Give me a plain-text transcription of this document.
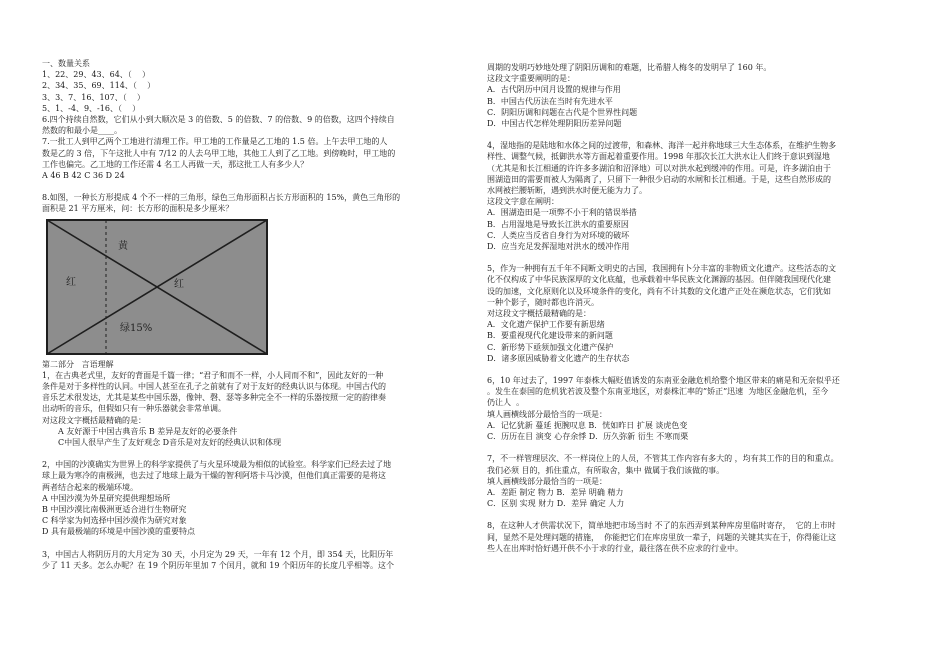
一、数量关系
1、22、29、43、64、（    ）
2、34、35、69、114、（    ）
3、3、7、16、107、（    ）
5、1、-4、9、-16、（    ）
6.四个持续自然数，它们从小到大顺次是 3 的倍数、5 的倍数、7 的倍数、9 的倍数，这四个持续自
然数的和最小是____。
7.一批工人到甲乙两个工地进行清理工作。甲工地的工作量是乙工地的 1.5 倍。上午去甲工地的人
数是乙的 3 倍，下午这批人中有 7/12 的人去乌甲工地，其他工人到了乙工地。到傍晚时，甲工地的
工作也偏完。乙工地的工作还需 4 名工人再做一天，那这批工人有多少人？
A 46 B 42 C 36 D 24
8.如图，一种长方形提成 4 个不一样的三角形，绿色三角形面积占长方形面积的 15%，黄色三角形的
面积是 21 平方厘米，问：长方形的面积是多少厘米？
黄
红	红
绿15%
第二部分   言语理解
1，在古典老式里，友好的背面是千篇一律；“君子和而不一样，小人同而不和”，因此友好的一种
条件是对于多样性的认同。中国人甚至在孔子之前就有了对于友好的经典认识与体现。中国古代的
音乐艺术很发达，尤其是某些中国乐器，像钟、磬、瑟等多种完全不一样的乐器按照一定的韵律奏
出动听的音乐，但假如只有一种乐器就会非常单调。
对这段文字概括最精确的是：
A 友好源于中国古典音乐 B 差异是友好的必要条件
C中国人很早产生了友好观念 D音乐是对友好的经典认识和体现
2，中国的沙漠确实为世界上的科学家提供了与火星环境最为相似的试验室。科学家们已经去过了地
球上最为寒冷的南极洲，也去过了地球上最为干燥的智利阿塔卡马沙漠，但他们真正需要的是将这
两者结合起来的极端环境。
A 中国沙漠为外星研究提供理想场所
B 中国沙漠比南极洲更适合进行生物研究
C 科学家为何选择中国沙漠作为研究对象
D 具有最极端的环境是中国沙漠的重要特点
3，中国古人将阴历月的大月定为 30 天，小月定为 29 天，一年有 12 个月，即 354 天，比阳历年
少了 11 天多。怎么办呢？在 19 个阴历年里加 7 个闰月，就和 19 个阳历年的长度几乎相等。这个
周期的发明巧妙地处理了阴阳历调和的难题，比希腊人梅冬的发明早了 160 年。
这段文字重要阐明的是：
A．古代阴历中闰月设置的规律与作用
B．中国古代历法在当时有先进水平
C．阴阳历调和问题在古代是个世界性问题
D．中国古代怎样处理阴阳历差异问题
4，湿地指的是陆地和水体之间的过渡带，和森林、海洋一起并称地球三大生态体系，在维护生物多
样性、调整气候，抵御洪水等方面起着重要作用。1998 年那次长江大洪水让人们终于意识到湿地
（尤其是和长江相通的许许多多湖泊和沼泽地）可以对洪水起到缓冲的作用。可是，许多湖泊由于
围湖造田的需要而被人为隔离了，只留下一种很少启动的水闸和长江相通。于是，这些自然形成的
水网被拦腰斩断，遇到洪水时便无能为力了。
这段文字意在阐明：
A．围湖造田是一项弊不小于利的错误举措
B．占用湿地是导致长江洪水的重要原因
C．人类应当反省自身行为对环境的破坏
D．应当充足发挥湿地对洪水的缓冲作用
5，作为一种拥有五千年不间断文明史的古国，我国拥有卜分丰富的非物质文化遗产。这些活态的文
化不仅构成了中华民族深厚的文化底蕴，也承载着中华民族文化渊源的基因。但伴随我国现代化建
设的加速，文化原则化以及环境条件的变化，尚有不计其数的文化遗产正处在濒危状态，它们犹如
一种个影子，随时都也许消灭。
对这段文字概括最精确的是：
A．文化遗产保护工作要有新思绪
B．要重视现代化建设带来的新问题
C．新形势下亟须加强文化遗产保护
D．诸多原因威胁着文化遗产的生存状态
6，10 年过去了，1997 年泰株大幅贬值诱发的东南亚金融危机给整个地区带来的痛是和无奈似乎还
。发生在泰国的危机犹若波及整个东南亚地区，对泰株汇率的”矫正”迅速  为地区金融危机，至今
仍让人  。
填人画横线部分最恰当的一项是：
A．记忆犹新 蔓延 扼腕叹息 B．恍如昨日 扩展 谈虎色变
C．历历在目 演变 心存余悸 D．历久弥新 衍生 不寒而栗
7，不一样管理层次、不一样岗位上的人员，不管其工作内容有多大的 ，均有其工作的目的和重点。
我们必须 目的，抓住重点，有所取舍，集中 做属于我们该做的事。
填人画横线部分最恰当的一项是：
A．差距 制定 物力 B．差异 明确 精力
C．区别 实现 财力 D．差异 确定 人力
8，在这种人才供需状况下，简单地把市场当时 不了的东西弄到某种库房里临时寄存，  它的上市时
间，显然不是处理问题的措施，  你能把它们在库房里放一辈子，问题的关键其实在于，你得能让这
些人在出库时恰好遇开供不小于求的行业，最往落在供不应求的行业中。
